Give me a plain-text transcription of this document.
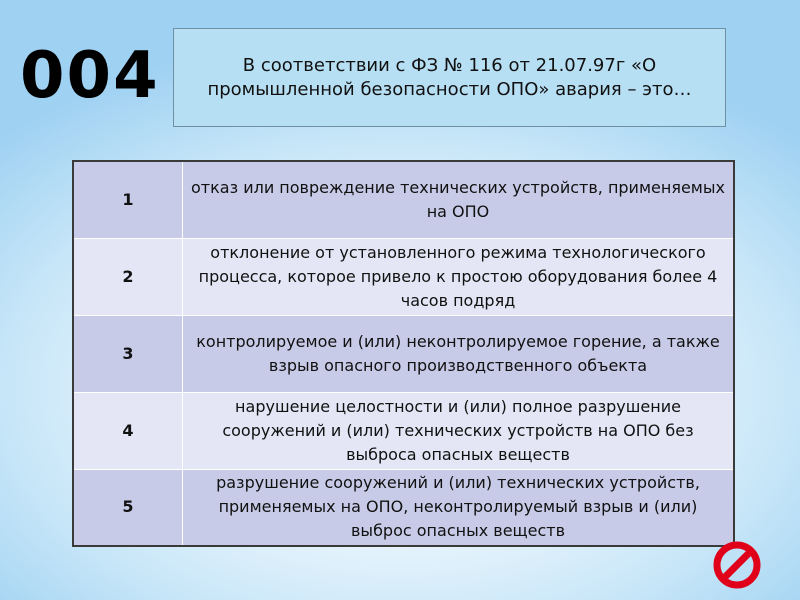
004	В соответствии с ФЗ № 116 от 21.07.97г «О промышленной безопасности ОПО» авария – это…
1	отказ или повреждение технических устройств, применяемых на ОПО
2	отклонение от установленного режима технологического процесса, которое привело к простою оборудования более 4 часов подряд
3	контролируемое и (или) неконтролируемое горение, а также взрыв опасного производственного объекта
4	нарушение целостности и (или) полное разрушение сооружений и (или) технических устройств на ОПО без выброса опасных веществ
5	разрушение сооружений и (или) технических устройств, применяемых на ОПО, неконтролируемый взрыв и (или) выброс опасных веществ
